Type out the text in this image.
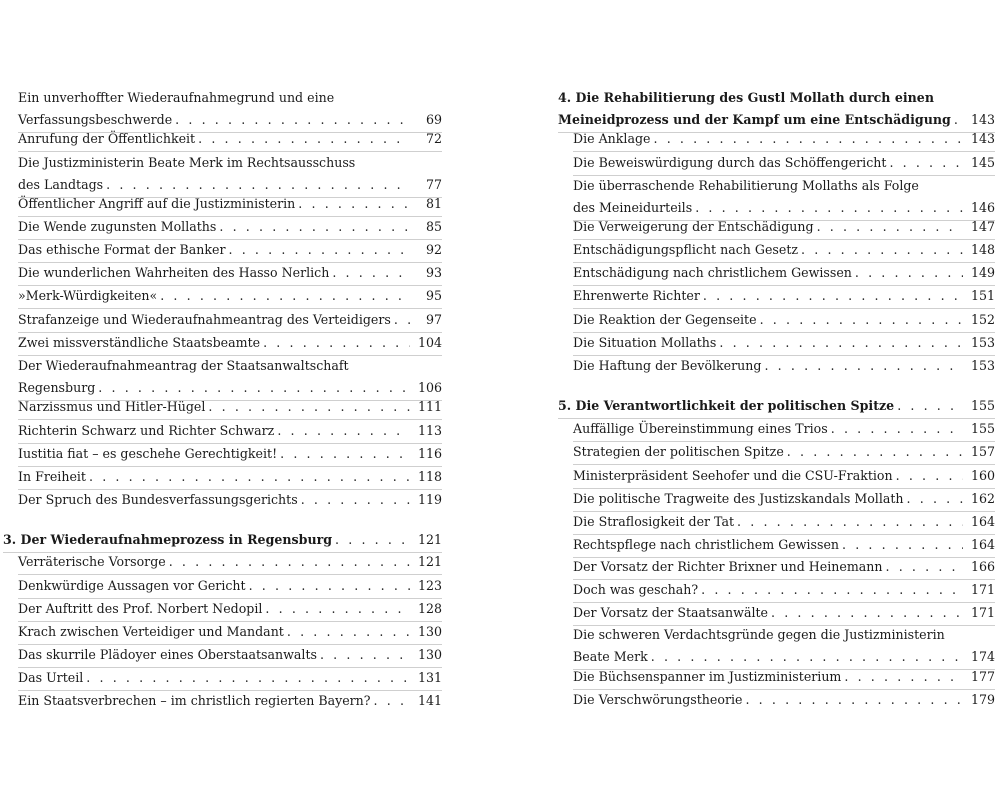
Ein unverhoffter Wiederaufnahmegrund und eine
Verfassungsbeschwerde . . .	69
Anrufung der Öffentlichkeit . . .	72
Die Justizministerin Beate Merk im Rechtsausschuss
des Landtags . . .	77
Öffentlicher Angriff auf die Justizministerin . . .	81
Die Wende zugunsten Mollaths . . .	85
Das ethische Format der Banker . . .	92
Die wunderlichen Wahrheiten des Hasso Nerlich . . .	93
»Merk-Würdigkeiten« . . .	95
Strafanzeige und Wiederaufnahmeantrag des Verteidigers . . .	97
Zwei missverständliche Staatsbeamte . . .	104
Der Wiederaufnahmeantrag der Staatsanwaltschaft
Regensburg . . .	106
Narzissmus und Hitler-Hügel . . .	111
Richterin Schwarz und Richter Schwarz . . .	113
Iustitia fiat – es geschehe Gerechtigkeit! . . .	116
In Freiheit . . .	118
Der Spruch des Bundesverfassungsgerichts . . .	119
3. Der Wiederaufnahmeprozess in Regensburg . . .	121
Verräterische Vorsorge . . .	121
Denkwürdige Aussagen vor Gericht . . .	123
Der Auftritt des Prof. Norbert Nedopil . . .	128
Krach zwischen Verteidiger und Mandant . . .	130
Das skurrile Plädoyer eines Oberstaatsanwalts . . .	130
Das Urteil . . .	131
Ein Staatsverbrechen – im christlich regierten Bayern? . . .	141
4. Die Rehabilitierung des Gustl Mollath durch einen
Meineidprozess und der Kampf um eine Entschädigung . . . 143
Die Anklage . . .	143
Die Beweiswürdigung durch das Schöffengericht . . .	145
Die überraschende Rehabilitierung Mollaths als Folge
des Meineidurteils . . .	146
Die Verweigerung der Entschädigung . . .	147
Entschädigungspflicht nach Gesetz . . .	148
Entschädigung nach christlichem Gewissen . . .	149
Ehrenwerte Richter . . .	151
Die Reaktion der Gegenseite . . .	152
Die Situation Mollaths . . .	153
Die Haftung der Bevölkerung . . .	153
5. Die Verantwortlichkeit der politischen Spitze . . .	155
Auffällige Übereinstimmung eines Trios . . .	155
Strategien der politischen Spitze . . .	157
Ministerpräsident Seehofer und die CSU-Fraktion . . .	160
Die politische Tragweite des Justizskandals Mollath . . .	162
Die Straflosigkeit der Tat . . .	164
Rechtspflege nach christlichem Gewissen . . .	164
Der Vorsatz der Richter Brixner und Heinemann . . .	166
Doch was geschah? . . .	171
Der Vorsatz der Staatsanwälte . . .	171
Die schweren Verdachtsgründe gegen die Justizministerin
Beate Merk . . .	174
Die Büchsenspanner im Justizministerium . . .	177
Die Verschwörungstheorie . . .	179
